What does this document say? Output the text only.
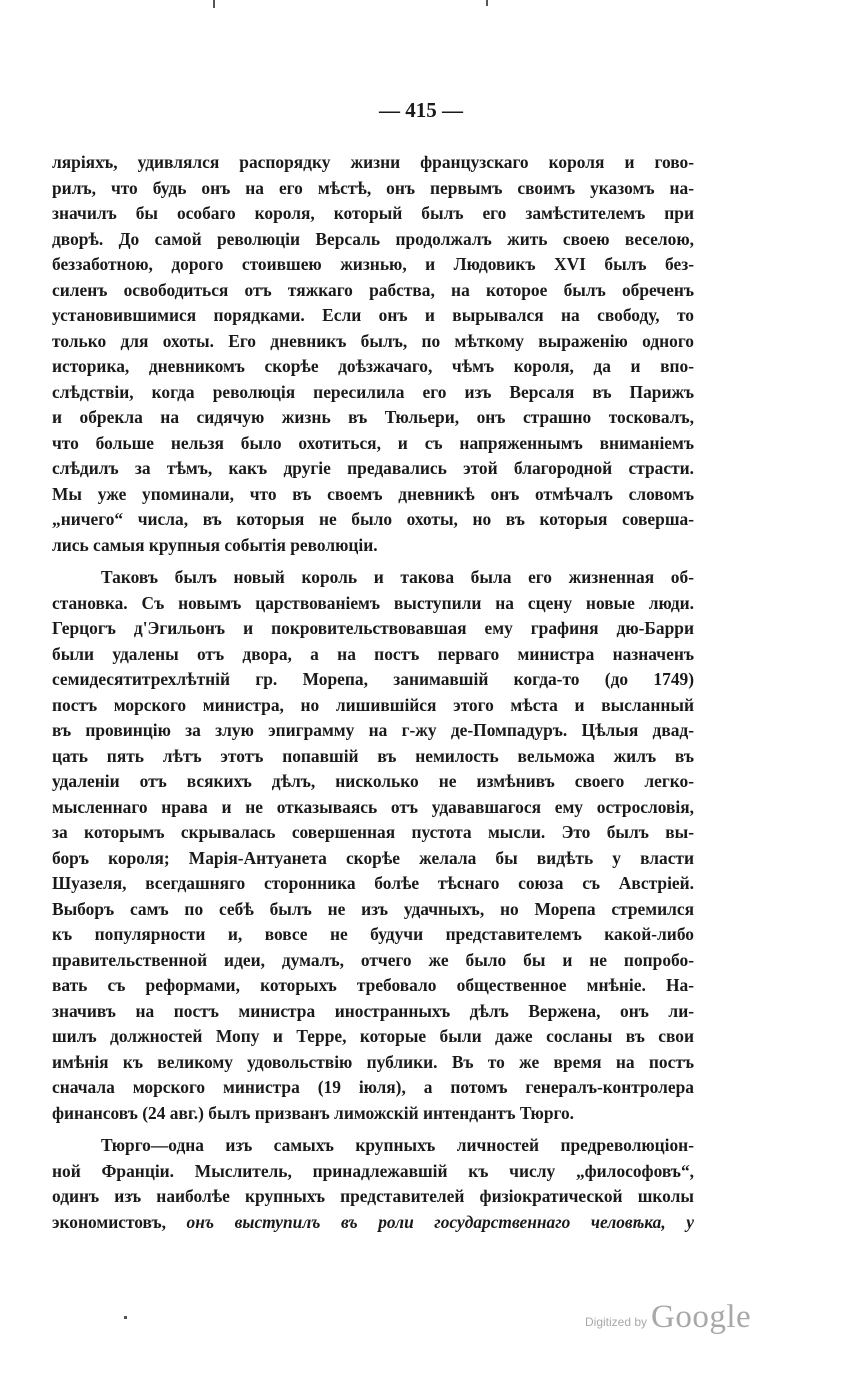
— 415 —
ляріяхъ, удивлялся распорядку жизни французскаго короля и гово-
рилъ, что будь онъ на его мѣстѣ, онъ первымъ своимъ указомъ на-
значилъ бы особаго короля, который былъ его замѣстителемъ при
дворѣ. До самой революціи Версаль продолжалъ жить своею веселою,
беззаботною, дорого стоившею жизнью, и Людовикъ XVI былъ без-
силенъ освободиться отъ тяжкаго рабства, на которое былъ обреченъ
установившимися порядками. Если онъ и вырывался на свободу, то
только для охоты. Его дневникъ былъ, по мѣткому выраженію одного
историка, дневникомъ скорѣе доѣзжачаго, чѣмъ короля, да и впо-
слѣдствіи, когда революція пересилила его изъ Версаля въ Парижъ
и обрекла на сидячую жизнь въ Тюльери, онъ страшно тосковалъ,
что больше нельзя было охотиться, и съ напряженнымъ вниманіемъ
слѣдилъ за тѣмъ, какъ другіе предавались этой благородной страсти.
Мы уже упоминали, что въ своемъ дневникѣ онъ отмѣчалъ словомъ
„ничего“ числа, въ которыя не было охоты, но въ которыя соверша-
лись самыя крупныя событія революціи.
Таковъ былъ новый король и такова была его жизненная об-
становка. Съ новымъ царствованіемъ выступили на сцену новые люди.
Герцогъ д'Эгильонъ и покровительствовавшая ему графиня дю-Барри
были удалены отъ двора, а на постъ перваго министра назначенъ
семидесятитрехлѣтній гр. Морепа, занимавшій когда-то (до 1749)
постъ морского министра, но лишившійся этого мѣста и высланный
въ провинцію за злую эпиграмму на г-жу де-Помпадуръ. Цѣлыя двад-
цать пять лѣтъ этотъ попавшій въ немилость вельможа жилъ въ
удаленіи отъ всякихъ дѣлъ, нисколько не измѣнивъ своего легко-
мысленнаго нрава и не отказываясь отъ удававшагося ему острословія,
за которымъ скрывалась совершенная пустота мысли. Это былъ вы-
боръ короля; Марія-Антуанета скорѣе желала бы видѣть у власти
Шуазеля, всегдашняго сторонника болѣе тѣснаго союза съ Австріей.
Выборъ самъ по себѣ былъ не изъ удачныхъ, но Морепа стремился
къ популярности и, вовсе не будучи представителемъ какой-либо
правительственной идеи, думалъ, отчего же было бы и не попробо-
вать съ реформами, которыхъ требовало общественное мнѣніе. На-
значивъ на постъ министра иностранныхъ дѣлъ Верженa, онъ ли-
шилъ должностей Мопу и Терре, которые были даже сосланы въ свои
имѣнія къ великому удовольствію публики. Въ то же время на постъ
сначала морского министра (19 іюля), а потомъ генералъ-контролера
финансовъ (24 авг.) былъ призванъ лиможскій интендантъ Тюрго.
Тюрго—одна изъ самыхъ крупныхъ личностей предреволюціон-
ной Франціи. Мыслитель, принадлежавшій къ числу „философовъ“,
одинъ изъ наиболѣе крупныхъ представителей физіократической школы
экономистовъ, онъ выступилъ въ роли государственнаго человѣка, у
Digitized by Google
